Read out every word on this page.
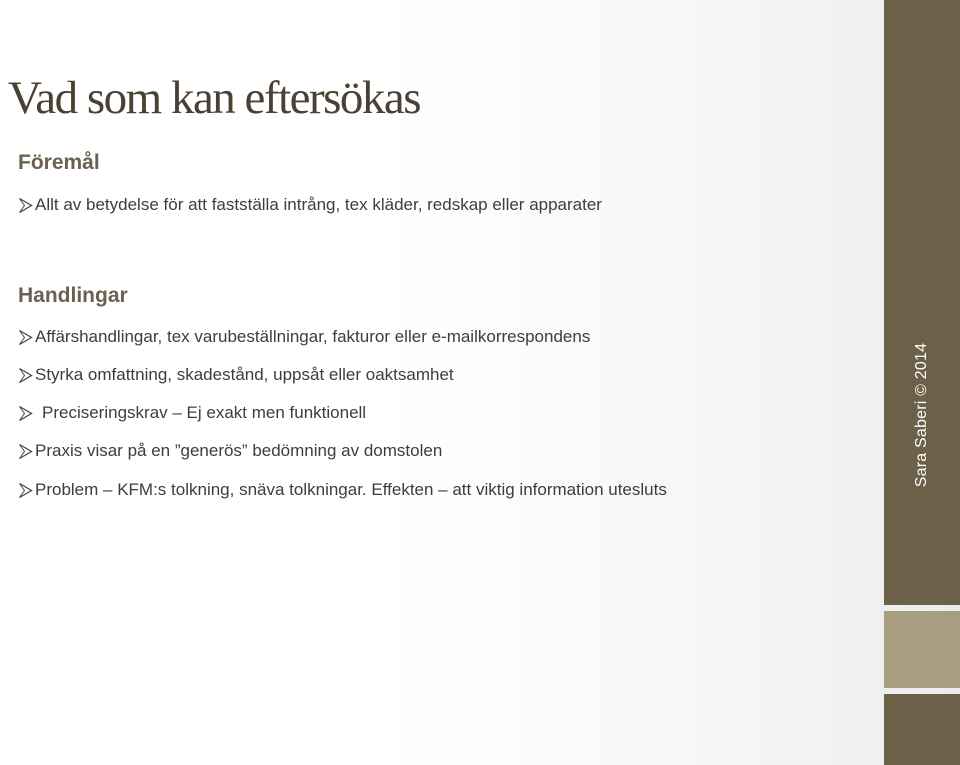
Vad som kan eftersökas
Föremål
Allt av betydelse för att fastställa intrång, tex kläder, redskap eller apparater
Handlingar
Affärshandlingar, tex varubeställningar, fakturor eller e-mailkorrespondens
Styrka omfattning, skadestånd, uppsåt eller oaktsamhet
Preciseringskrav – Ej exakt men funktionell
Praxis visar på en ”generös” bedömning av domstolen
Problem – KFM:s tolkning, snäva tolkningar. Effekten – att viktig information utesluts
Sara Saberi © 2014
